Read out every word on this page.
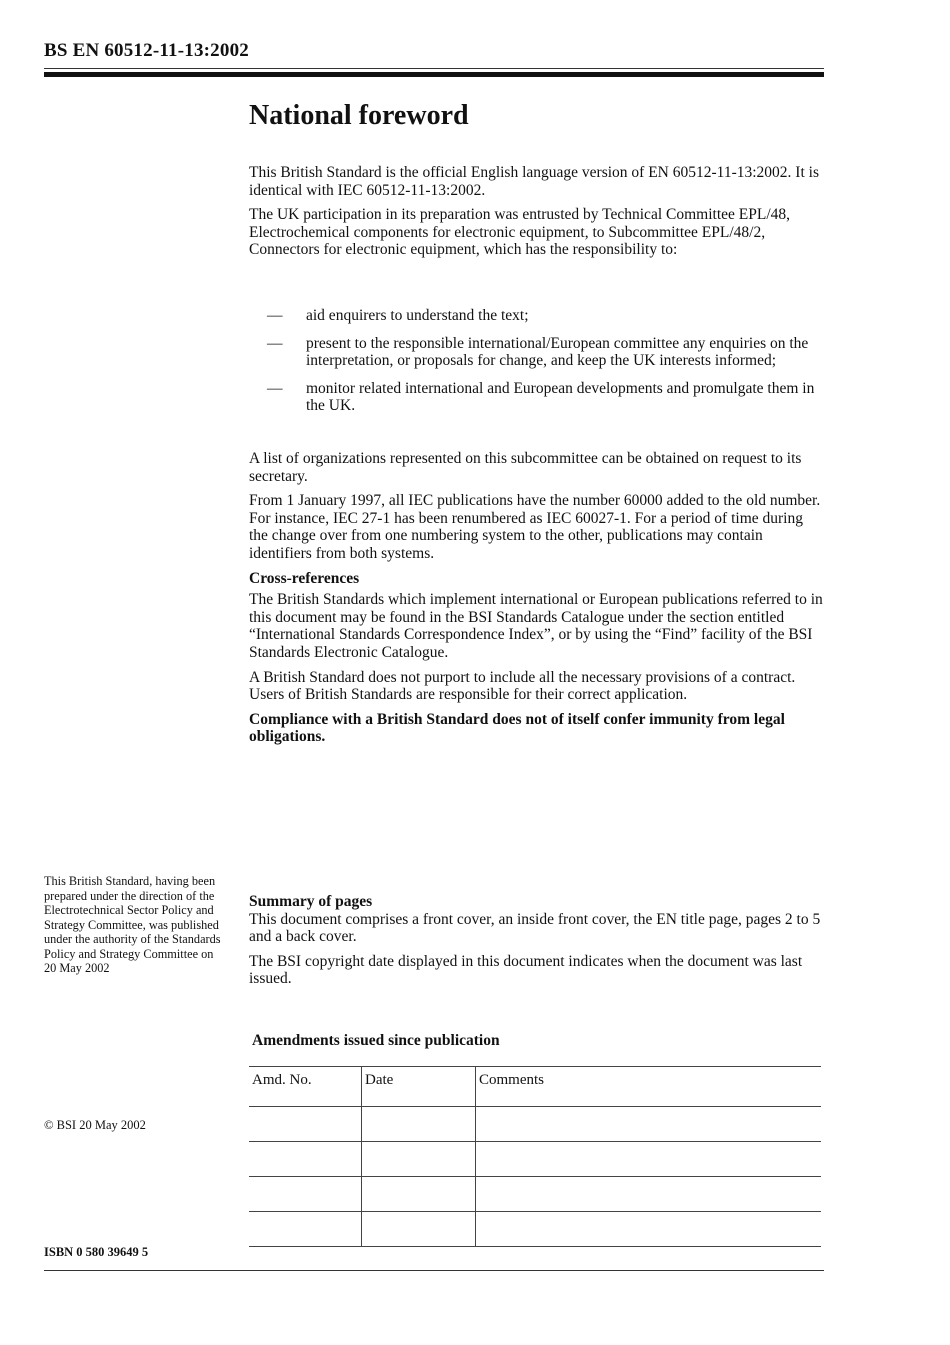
BS EN 60512-11-13:2002
National foreword

This British Standard is the official English language version of EN 60512-11-13:2002. It is identical with IEC 60512-11-13:2002.

The UK participation in its preparation was entrusted by Technical Committee EPL/48, Electrochemical components for electronic equipment, to Subcommittee EPL/48/2, Connectors for electronic equipment, which has the responsibility to:

— aid enquirers to understand the text;
— present to the responsible international/European committee any enquiries on the interpretation, or proposals for change, and keep the UK interests informed;
— monitor related international and European developments and promulgate them in the UK.

A list of organizations represented on this subcommittee can be obtained on request to its secretary.

From 1 January 1997, all IEC publications have the number 60000 added to the old number. For instance, IEC 27-1 has been renumbered as IEC 60027-1. For a period of time during the change over from one numbering system to the other, publications may contain identifiers from both systems.

Cross-references

The British Standards which implement international or European publications referred to in this document may be found in the BSI Standards Catalogue under the section entitled “International Standards Correspondence Index”, or by using the “Find” facility of the BSI Standards Electronic Catalogue.

A British Standard does not purport to include all the necessary provisions of a contract. Users of British Standards are responsible for their correct application.

Compliance with a British Standard does not of itself confer immunity from legal obligations.

This British Standard, having been prepared under the direction of the Electrotechnical Sector Policy and Strategy Committee, was published under the authority of the Standards Policy and Strategy Committee on 20 May 2002
Summary of pages

This document comprises a front cover, an inside front cover, the EN title page, pages 2 to 5 and a back cover.

The BSI copyright date displayed in this document indicates when the document was last issued.

Amendments issued since publication
Amd. No.	Date	Comments

© BSI 20 May 2002
ISBN 0 580 39649 5
